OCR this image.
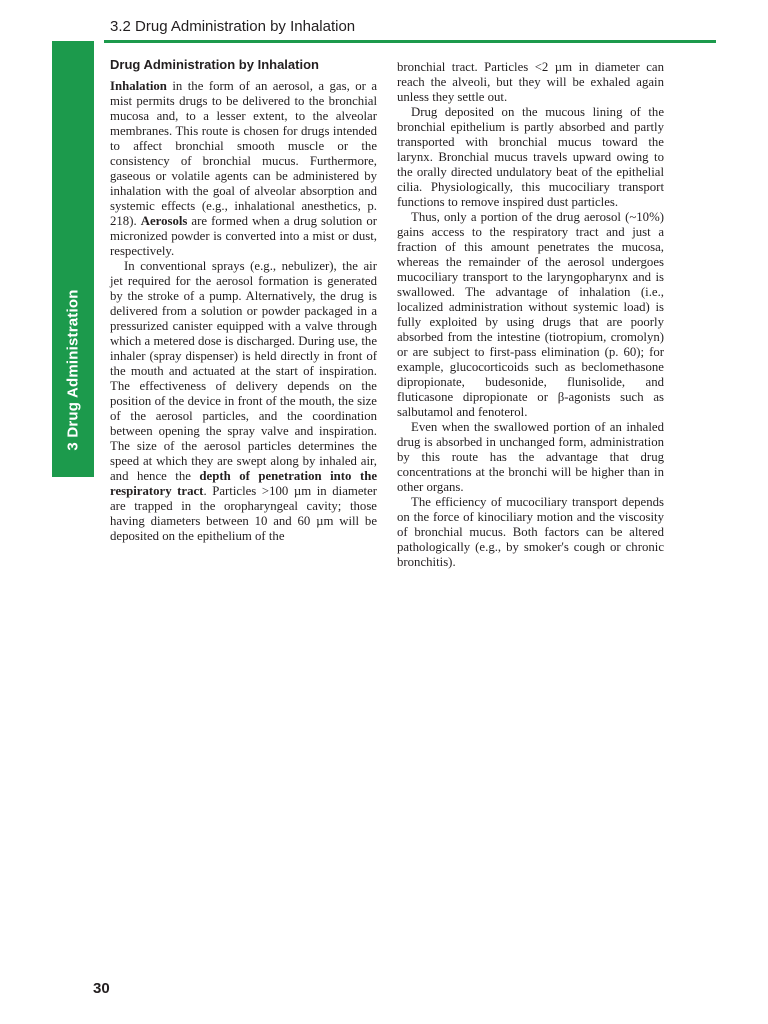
3.2 Drug Administration by Inhalation
3 Drug Administration
Drug Administration by Inhalation

Inhalation in the form of an aerosol, a gas, or a mist permits drugs to be delivered to the bronchial mucosa and, to a lesser extent, to the alveolar membranes. This route is chosen for drugs intended to affect bronchial smooth muscle or the consistency of bronchial mucus. Furthermore, gaseous or volatile agents can be administered by inhalation with the goal of alveolar absorption and systemic effects (e.g., inhalational anesthetics, p. 218). Aerosols are formed when a drug solution or micronized powder is converted into a mist or dust, respectively.

In conventional sprays (e.g., nebulizer), the air jet required for the aerosol formation is generated by the stroke of a pump. Alternatively, the drug is delivered from a solution or powder packaged in a pressurized canister equipped with a valve through which a metered dose is discharged. During use, the inhaler (spray dispenser) is held directly in front of the mouth and actuated at the start of inspiration. The effectiveness of delivery depends on the position of the device in front of the mouth, the size of the aerosol particles, and the coordination between opening the spray valve and inspiration. The size of the aerosol particles determines the speed at which they are swept along by inhaled air, and hence the depth of penetration into the respiratory tract. Particles >100 µm in diameter are trapped in the oropharyngeal cavity; those having diameters between 10 and 60 µm will be deposited on the epithelium of the

bronchial tract. Particles <2 µm in diameter can reach the alveoli, but they will be exhaled again unless they settle out.

Drug deposited on the mucous lining of the bronchial epithelium is partly absorbed and partly transported with bronchial mucus toward the larynx. Bronchial mucus travels upward owing to the orally directed undulatory beat of the epithelial cilia. Physiologically, this mucociliary transport functions to remove inspired dust particles.

Thus, only a portion of the drug aerosol (~10%) gains access to the respiratory tract and just a fraction of this amount penetrates the mucosa, whereas the remainder of the aerosol undergoes mucociliary transport to the laryngopharynx and is swallowed. The advantage of inhalation (i.e., localized administration without systemic load) is fully exploited by using drugs that are poorly absorbed from the intestine (tiotropium, cromolyn) or are subject to first-pass elimination (p. 60); for example, glucocorticoids such as beclomethasone dipropionate, budesonide, flunisolide, and fluticasone dipropionate or β-agonists such as salbutamol and fenoterol.

Even when the swallowed portion of an inhaled drug is absorbed in unchanged form, administration by this route has the advantage that drug concentrations at the bronchi will be higher than in other organs.

The efficiency of mucociliary transport depends on the force of kinociliary motion and the viscosity of bronchial mucus. Both factors can be altered pathologically (e.g., by smoker's cough or chronic bronchitis).

30
